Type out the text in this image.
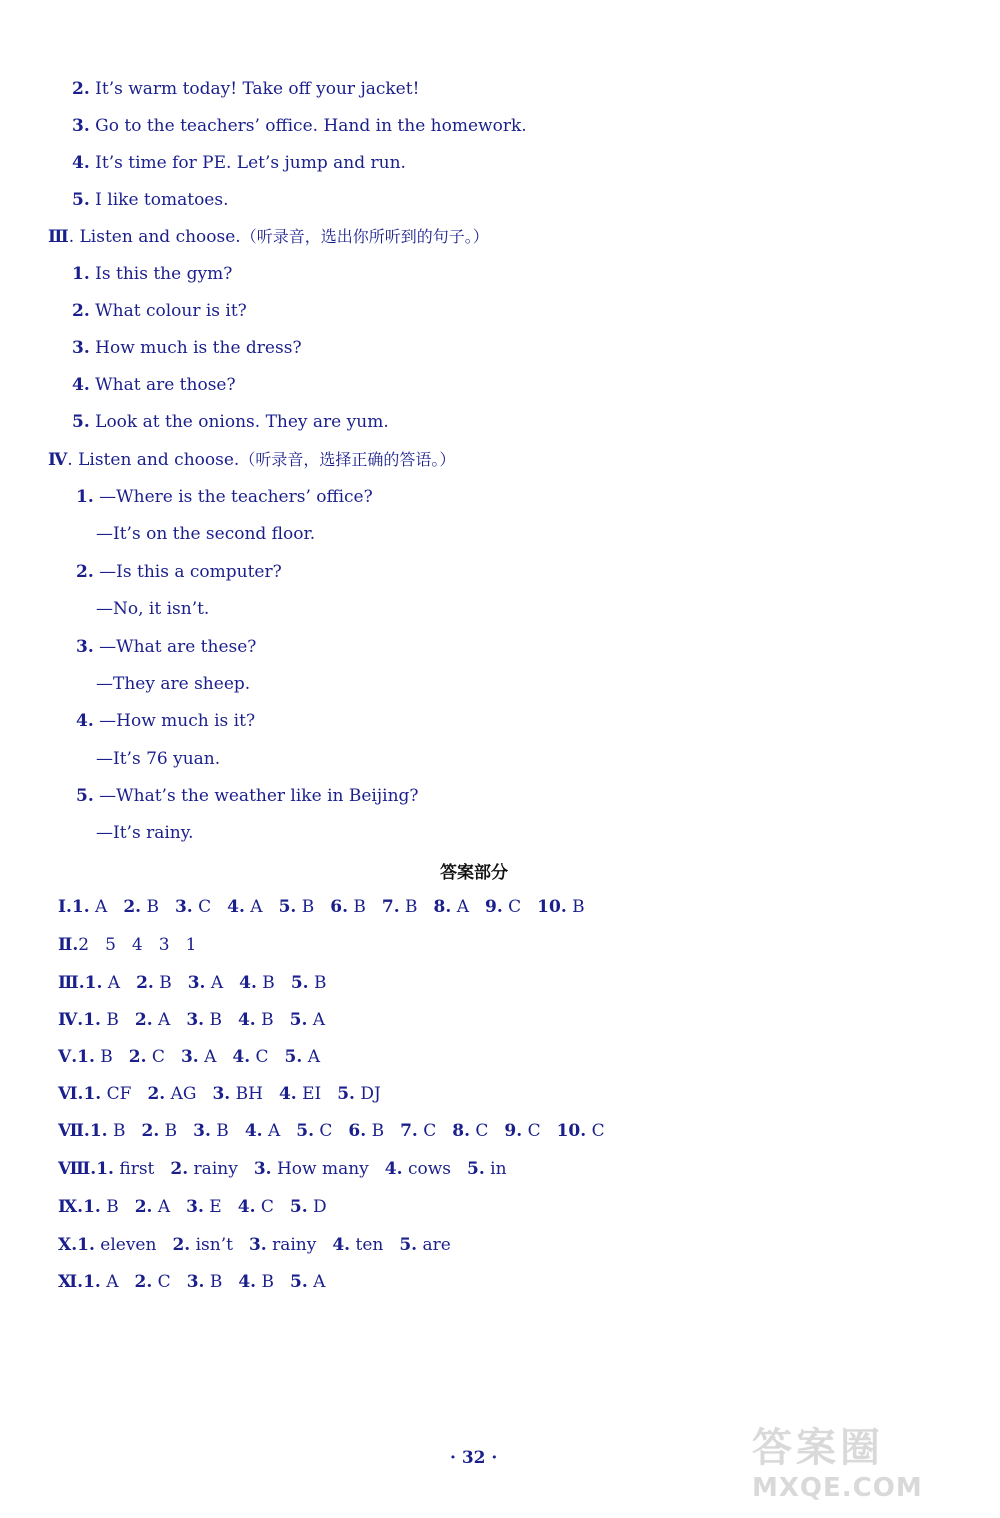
2. It’s warm today! Take off your jacket!
3. Go to the teachers’ office. Hand in the homework.
4. It’s time for PE. Let’s jump and run.
5. I like tomatoes.
Ⅲ. Listen and choose.（听录音，选出你所听到的句子。）
1. Is this the gym?
2. What colour is it?
3. How much is the dress?
4. What are those?
5. Look at the onions. They are yum.
Ⅳ. Listen and choose.（听录音，选择正确的答语。）
1. —Where is the teachers’ office?
—It’s on the second floor.
2. —Is this a computer?
—No, it isn’t.
3. —What are these?
—They are sheep.
4. —How much is it?
—It’s 76 yuan.
5. —What’s the weather like in Beijing?
—It’s rainy.
答案部分
Ⅰ.1. A 2. B 3. C 4. A 5. B 6. B 7. B 8. A 9. C 10. B
Ⅱ.2 5 4 3 1
Ⅲ.1. A 2. B 3. A 4. B 5. B
Ⅳ.1. B 2. A 3. B 4. B 5. A
Ⅴ.1. B 2. C 3. A 4. C 5. A
Ⅵ.1. CF 2. AG 3. BH 4. EI 5. DJ
Ⅶ.1. B 2. B 3. B 4. A 5. C 6. B 7. C 8. C 9. C 10. C
Ⅷ.1. first 2. rainy 3. How many 4. cows 5. in
Ⅸ.1. B 2. A 3. E 4. C 5. D
Ⅹ.1. eleven 2. isn’t 3. rainy 4. ten 5. are
Ⅺ.1. A 2. C 3. B 4. B 5. A
· 32 ·	答案圈
MXQE.COM
